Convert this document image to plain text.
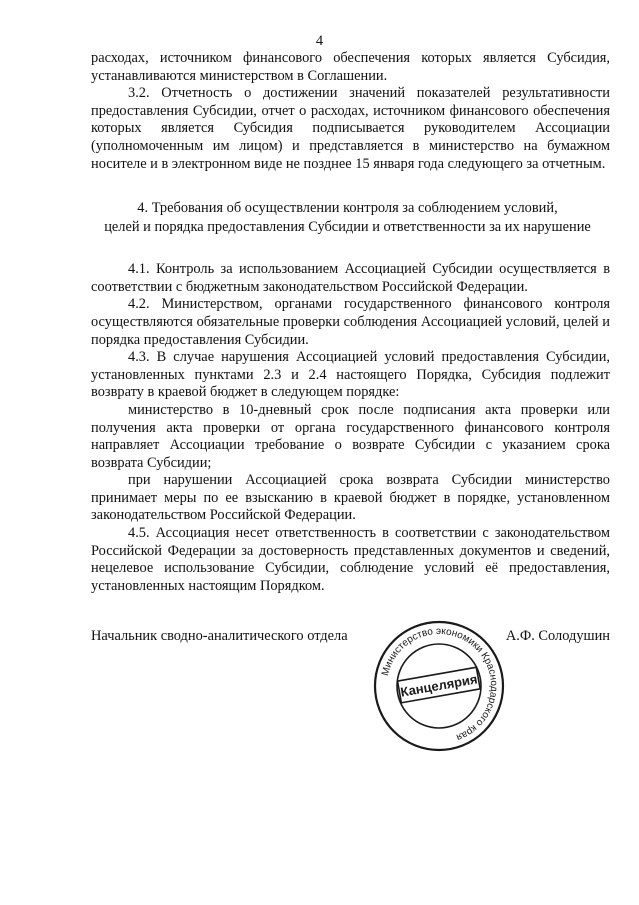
4

расходах, источником финансового обеспечения которых является Субсидия, устанавливаются министерством в Соглашении.

3.2. Отчетность о достижении значений показателей результативности предоставления Субсидии, отчет о расходах, источником финансового обеспечения которых является Субсидия подписывается руководителем Ассоциации (уполномоченным им лицом) и представляется в министерство на бумажном носителе и в электронном виде не позднее 15 января года следующего за отчетным.

4. Требования об осуществлении контроля за соблюдением условий,
целей и порядка предоставления Субсидии и ответственности за их нарушение

4.1. Контроль за использованием Ассоциацией Субсидии осуществляется в соответствии с бюджетным законодательством Российской Федерации.

4.2. Министерством, органами государственного финансового контроля осуществляются обязательные проверки соблюдения Ассоциацией условий, целей и порядка предоставления Субсидии.

4.3. В случае нарушения Ассоциацией условий предоставления Субсидии, установленных пунктами 2.3 и 2.4 настоящего Порядка, Субсидия подлежит возврату в краевой бюджет в следующем порядке:

министерство в 10-дневный срок после подписания акта проверки или получения акта проверки от органа государственного финансового контроля направляет Ассоциации требование о возврате Субсидии с указанием срока возврата Субсидии;

при нарушении Ассоциацией срока возврата Субсидии министерство принимает меры по ее взысканию в краевой бюджет в порядке, установленном законодательством Российской Федерации.

4.5. Ассоциация несет ответственность в соответствии с законодательством Российской Федерации за достоверность представленных документов и сведений, нецелевое использование Субсидии, соблюдение условий её предоставления, установленных настоящим Порядком.

Начальник сводно-аналитического отдела	А.Ф. Солодушин
Министерство экономики Краснодарского края
Канцелярия
